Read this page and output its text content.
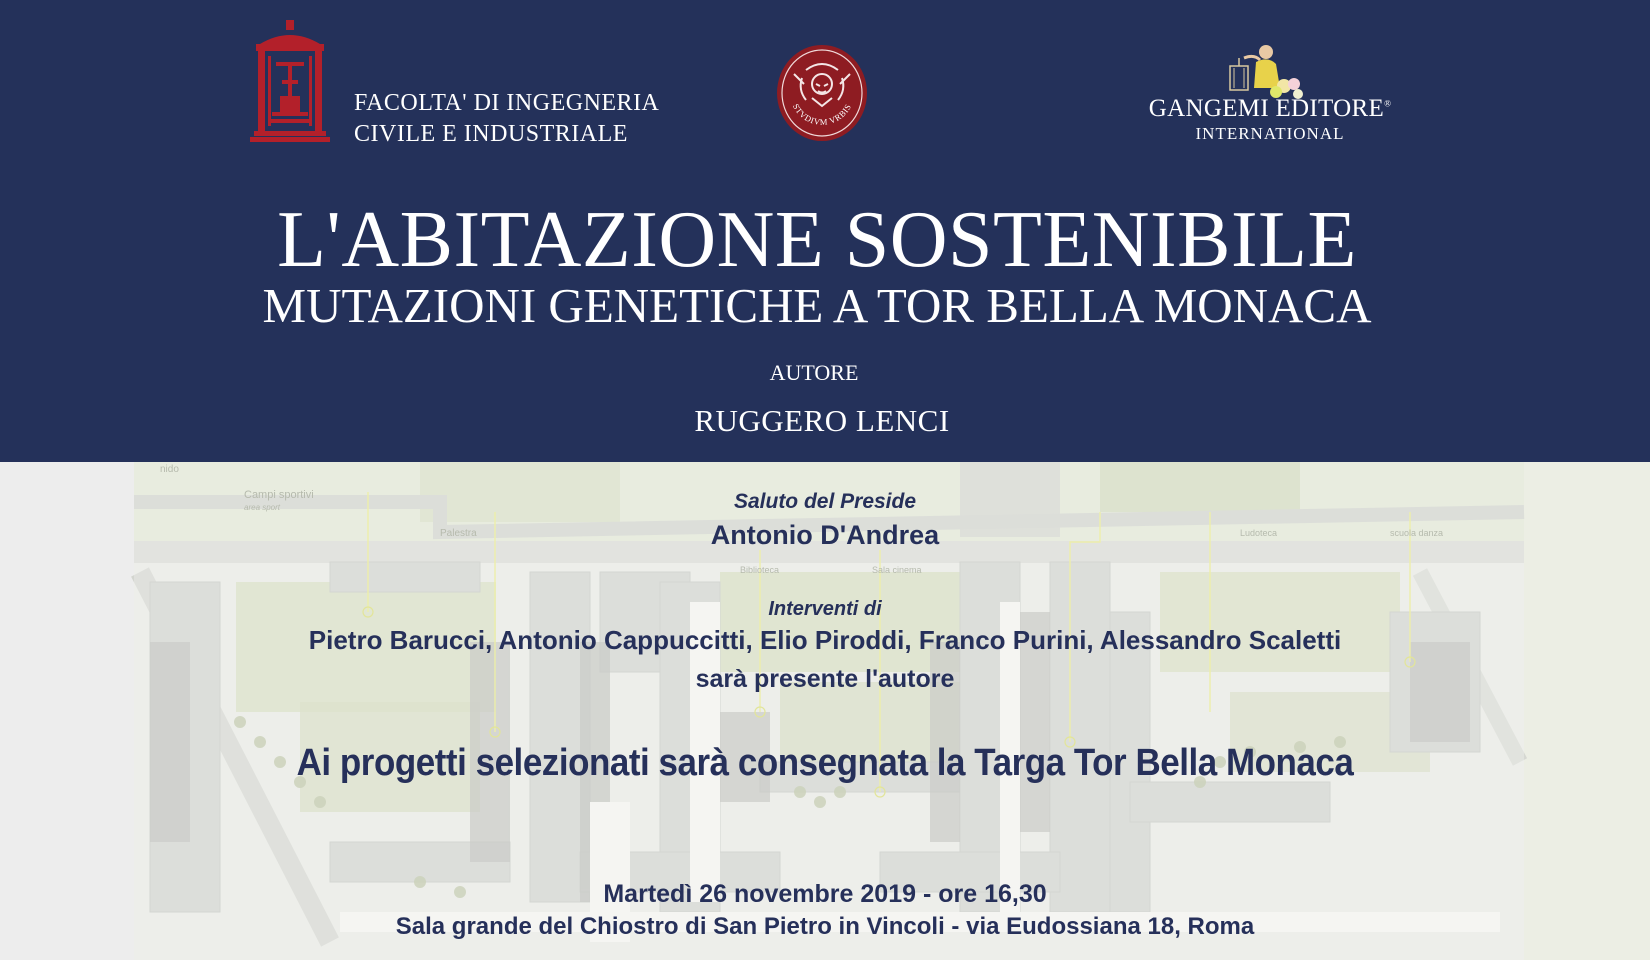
FACOLTA' DI INGEGNERIA
CIVILE E INDUSTRIALE
STVDIVM VRBIS	GANGEMI EDITORE®
INTERNATIONAL
L'ABITAZIONE SOSTENIBILE
MUTAZIONI GENETICHE A TOR BELLA MONACA
AUTORE
RUGGERO LENCI
nido
Campi sportivi
area sport
Palestra
Biblioteca	Sala cinema
Ludoteca	scuola danza
Saluto del Preside
Antonio D'Andrea
Interventi di
Pietro Barucci, Antonio Cappuccitti, Elio Piroddi, Franco Purini, Alessandro Scaletti
sarà presente l'autore
Ai progetti selezionati sarà consegnata la Targa Tor Bella Monaca
Martedì 26 novembre 2019 - ore 16,30
Sala grande del Chiostro di San Pietro in Vincoli - via Eudossiana 18, Roma
